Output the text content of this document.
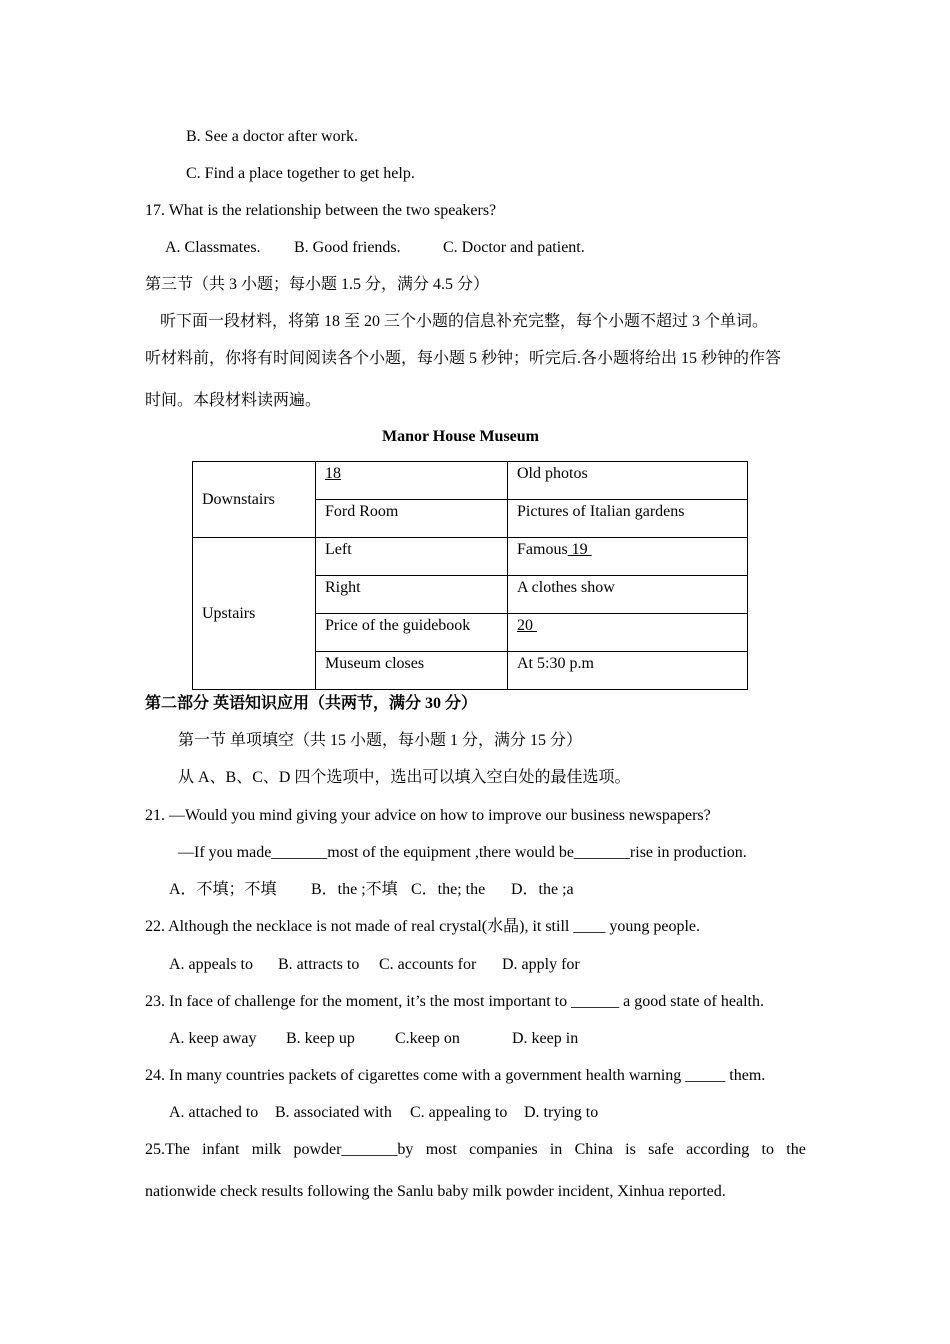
B. See a doctor after work.
C. Find a place together to get help.
17. What is the relationship between the two speakers?
A. Classmates. B. Good friends.	C. Doctor and patient.
第三节（共 3 小题；每小题 1.5 分，满分 4.5 分）
听下面一段材料，将第 18 至 20 三个小题的信息补充完整，每个小题不超过 3 个单词。
听材料前，你将有时间阅读各个小题，每小题 5 秒钟；听完后.各小题将给出 15 秒钟的作答
时间。本段材料读两遍。
Manor House Museum
Downstairs	18	Old photos
	Ford Room	Pictures of Italian gardens
Upstairs	Left	Famous 19
	Right	A clothes show
	Price of the guidebook	20
	Museum closes	At 5:30 p.m
第二部分 英语知识应用（共两节，满分 30 分）
第一节 单项填空（共 15 小题，每小题 1 分，满分 15 分）
从 A、B、C、D 四个选项中，选出可以填入空白处的最佳选项。
21. —Would you mind giving your advice on how to improve our business newspapers?
—If you made_______most of the equipment ,there would be_______rise in production.
A．不填；不填 B．the ;不填 C．the; the D．the ;a
22. Although the necklace is not made of real crystal(水晶), it still ____ young people.
A. appeals to B. attracts to C. accounts for D. apply for
23. In face of challenge for the moment, it’s the most important to ______ a good state of health.
A. keep away B. keep up	C.keep on	D. keep in
24. In many countries packets of cigarettes come with a government health warning _____ them.
A. attached to B. associated with C. appealing to D. trying to
25.The infant milk powder_______by most companies in China is safe according to the
nationwide check results following the Sanlu baby milk powder incident, Xinhua reported.
